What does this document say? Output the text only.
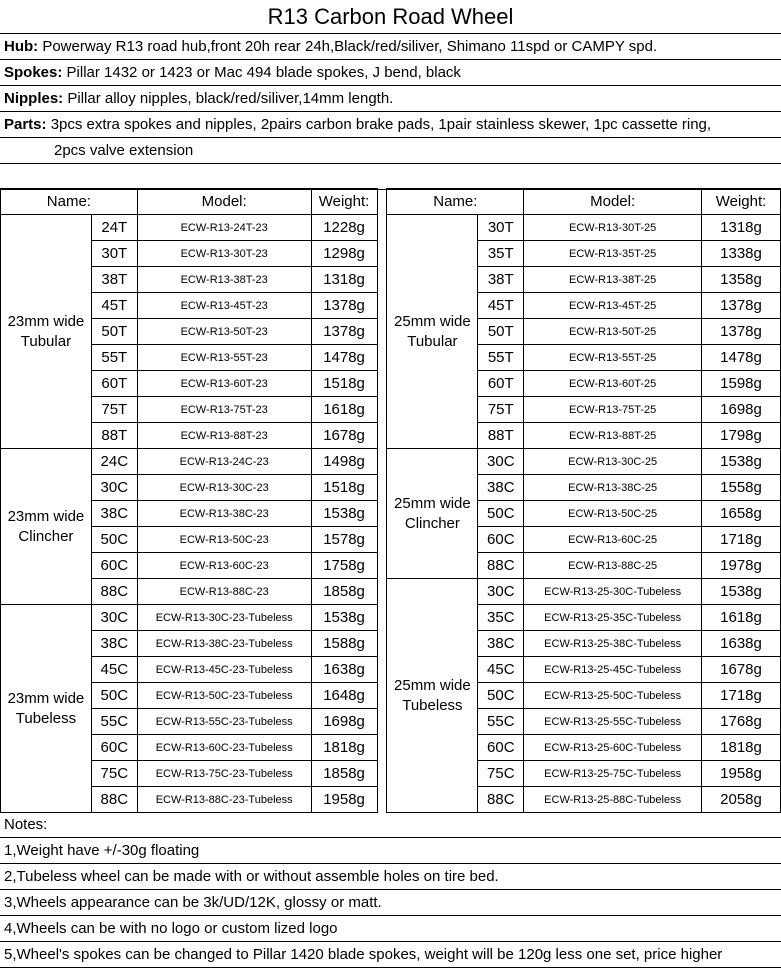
R13 Carbon Road Wheel
Hub: Powerway R13 road hub,front 20h rear 24h,Black/red/siliver, Shimano 11spd or CAMPY spd.
Spokes: Pillar 1432 or 1423 or Mac 494 blade spokes, J bend, black
Nipples: Pillar alloy nipples, black/red/siliver,14mm length.
Parts: 3pcs extra spokes and nipples, 2pairs carbon brake pads, 1pair stainless skewer, 1pc cassette ring,
2pcs valve extension
Name:		Model:	Weight:		Name:		Model:	Weight:
23mm wide Tubular	24T	ECW-R13-24T-23	1228g		25mm wide Tubular	30T	ECW-R13-30T-25	1318g
	30T	ECW-R13-30T-23	1298g			35T	ECW-R13-35T-25	1338g
	38T	ECW-R13-38T-23	1318g			38T	ECW-R13-38T-25	1358g
	45T	ECW-R13-45T-23	1378g			45T	ECW-R13-45T-25	1378g
	50T	ECW-R13-50T-23	1378g			50T	ECW-R13-50T-25	1378g
	55T	ECW-R13-55T-23	1478g			55T	ECW-R13-55T-25	1478g
	60T	ECW-R13-60T-23	1518g			60T	ECW-R13-60T-25	1598g
	75T	ECW-R13-75T-23	1618g			75T	ECW-R13-75T-25	1698g
	88T	ECW-R13-88T-23	1678g			88T	ECW-R13-88T-25	1798g
23mm wide Clincher	24C	ECW-R13-24C-23	1498g		25mm wide Clincher	30C	ECW-R13-30C-25	1538g
	30C	ECW-R13-30C-23	1518g			38C	ECW-R13-38C-25	1558g
	38C	ECW-R13-38C-23	1538g			50C	ECW-R13-50C-25	1658g
	50C	ECW-R13-50C-23	1578g			60C	ECW-R13-60C-25	1718g
	60C	ECW-R13-60C-23	1758g			88C	ECW-R13-88C-25	1978g
	88C	ECW-R13-88C-23	1858g		25mm wide Tubeless	30C	ECW-R13-25-30C-Tubeless	1538g
23mm wide Tubeless	30C	ECW-R13-30C-23-Tubeless	1538g			35C	ECW-R13-25-35C-Tubeless	1618g
	38C	ECW-R13-38C-23-Tubeless	1588g			38C	ECW-R13-25-38C-Tubeless	1638g
	45C	ECW-R13-45C-23-Tubeless	1638g			45C	ECW-R13-25-45C-Tubeless	1678g
	50C	ECW-R13-50C-23-Tubeless	1648g			50C	ECW-R13-25-50C-Tubeless	1718g
	55C	ECW-R13-55C-23-Tubeless	1698g			55C	ECW-R13-25-55C-Tubeless	1768g
	60C	ECW-R13-60C-23-Tubeless	1818g			60C	ECW-R13-25-60C-Tubeless	1818g
	75C	ECW-R13-75C-23-Tubeless	1858g			75C	ECW-R13-25-75C-Tubeless	1958g
	88C	ECW-R13-88C-23-Tubeless	1958g			88C	ECW-R13-25-88C-Tubeless	2058g
Notes:
1,Weight have +/-30g floating
2,Tubeless wheel can be made with or without assemble holes on tire bed.
3,Wheels appearance can be 3k/UD/12K, glossy or matt.
4,Wheels can be with no logo or custom lized logo
5,Wheel's spokes can be changed to Pillar 1420 blade spokes, weight will be 120g less one set, price higher
